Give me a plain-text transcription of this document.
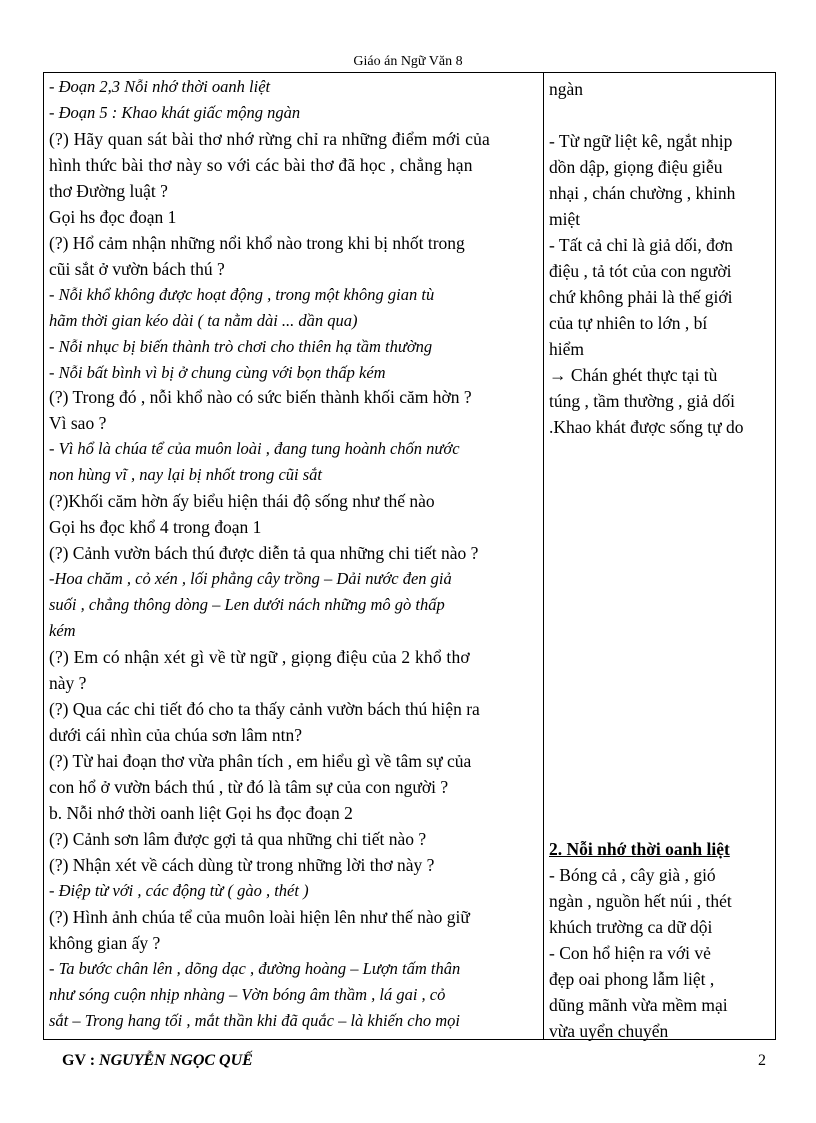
Giáo án Ngữ Văn 8
- Đoạn 2,3 Nỗi nhớ thời oanh liệt
- Đoạn 5 : Khao khát giấc mộng ngàn
(?) Hãy quan sát bài thơ nhớ rừng chỉ ra những điểm mới của
hình thức bài thơ này so với các bài thơ đã học , chẳng hạn
thơ Đường luật ?
Gọi hs đọc đoạn 1
(?) Hổ cảm nhận những nổi khổ nào trong khi bị nhốt trong
cũi sắt ở vườn bách thú ?
- Nỗi khổ không được hoạt động , trong một không gian tù
hãm thời gian kéo dài ( ta nằm dài ... dần qua)
- Nỗi nhục bị biến thành trò chơi cho thiên hạ tầm thường
- Nỗi bất bình vì bị ở chung cùng với bọn thấp kém
(?) Trong đó , nỗi khổ nào có sức biến thành khối căm hờn ?
Vì sao ?
- Vì hổ là chúa tể của muôn loài , đang tung hoành chốn nước
non hùng vĩ , nay lại bị nhốt trong cũi sắt
(?)Khối căm hờn ấy biểu hiện thái độ sống như thế nào
Gọi hs đọc khổ 4 trong đoạn 1
(?) Cảnh vườn bách thú được diễn tả qua những chi tiết nào ?
-Hoa chăm , cỏ xén , lối phẳng cây trồng – Dải nước đen giả
suối , chẳng thông dòng – Len dưới nách những mô gò thấp
kém
(?) Em có nhận xét gì về từ ngữ , giọng điệu của 2 khổ thơ
này ?
(?) Qua các chi tiết đó cho ta thấy cảnh vườn bách thú hiện ra
dưới cái nhìn của chúa sơn lâm ntn?
(?) Từ hai đoạn thơ vừa phân tích , em hiểu gì về tâm sự của
con hổ ở vườn bách thú , từ đó là tâm sự của con người ?
b. Nỗi nhớ thời oanh liệt Gọi hs đọc đoạn 2
(?) Cảnh sơn lâm được gợi tả qua những chi tiết nào ?
(?) Nhận xét về cách dùng từ trong những lời thơ này ?
- Điệp từ với , các động từ ( gào , thét )
(?) Hình ảnh chúa tể của muôn loài hiện lên như thế nào giữ
không gian ấy ?
- Ta bước chân lên , dõng dạc , đường hoàng – Lượn tấm thân
như sóng cuộn nhịp nhàng – Vờn bóng âm thầm , lá gai , cỏ
sắt – Trong hang tối , mắt thần khi đã quắc – là khiến cho mọi
ngàn
- Từ ngữ liệt kê, ngắt nhịp
dồn dập, giọng điệu giễu
nhại , chán chường , khinh
miệt
- Tất cả chỉ là giả dối, đơn
điệu , tả tót của con người
chứ không phải là thế giới
của tự nhiên to lớn , bí
hiểm
→ Chán ghét thực tại tù
túng , tầm thường , giả dối
.Khao khát được sống tự do
2. Nỗi nhớ thời oanh liệt
- Bóng cả , cây già , gió
ngàn , nguồn hết núi , thét
khúch trường ca dữ dội
- Con hổ hiện ra với vẻ
đẹp oai phong lẫm liệt ,
dũng mãnh vừa mềm mại
vừa uyển chuyển
GV : NGUYỄN NGỌC QUẾ	2
